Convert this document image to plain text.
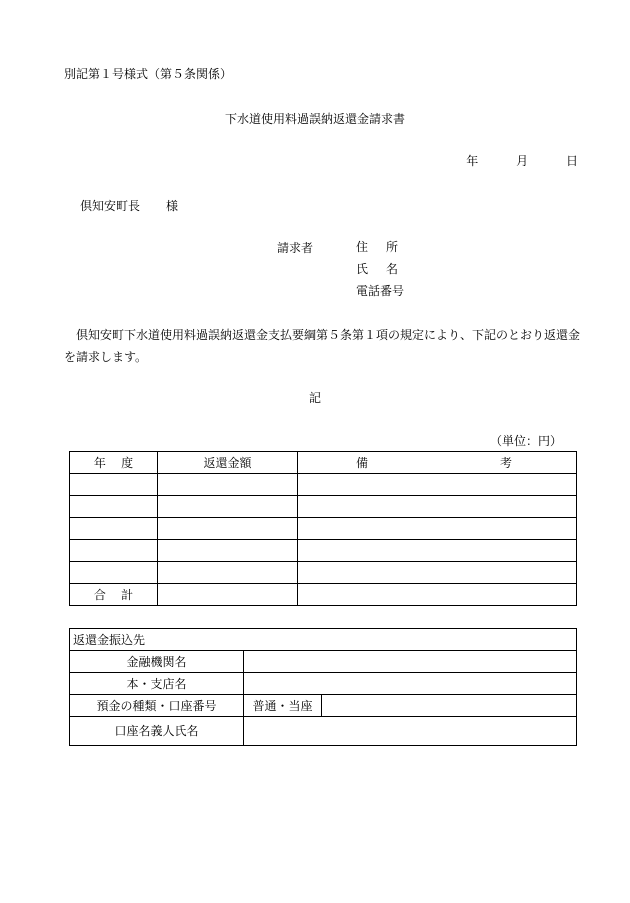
別記第１号様式（第５条関係）
下水道使用料過誤納返還金請求書
年	月	日
倶知安町長 様
請求者	住 所
氏 名
電話番号
倶知安町下水道使用料過誤納返還金支払要綱第５条第１項の規定により、下記のとおり返還金を請求します。
記
（単位：円）
年 度	返還金額	備 考

合 計		
返還金振込先		
金融機関名		
本・支店名		
預金の種類・口座番号	普通・当座	
口座名義人氏名		
